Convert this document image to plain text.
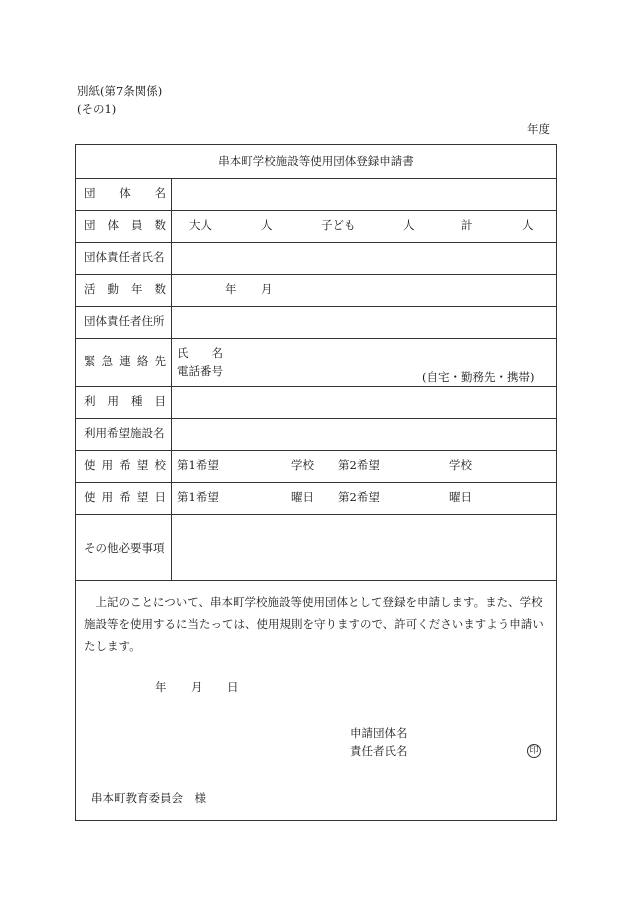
別紙(第7条関係)
(その1)
年度
串本町学校施設等使用団体登録申請書
団 体 名
団 体 員 数 大人	人	子ども	人	計	人
団体責任者氏名
活 動 年 数	年 月
団体責任者住所
緊 急 連 絡 先
氏　　名
電話番号	(自宅・勤務先・携帯)
利 用 種 目
利用希望施設名
使 用 希 望 校 第1希望	学校 第2希望	学校
使 用 希 望 日 第1希望	曜日 第2希望	曜日
その他必要事項
上記のことについて、串本町学校施設等使用団体として登録を申請します。また、学校施設等を使用するに当たっては、使用規則を守りますので、許可くださいますよう申請いたします。
年 月 日
申請団体名
責任者氏名	印
串本町教育委員会　様
